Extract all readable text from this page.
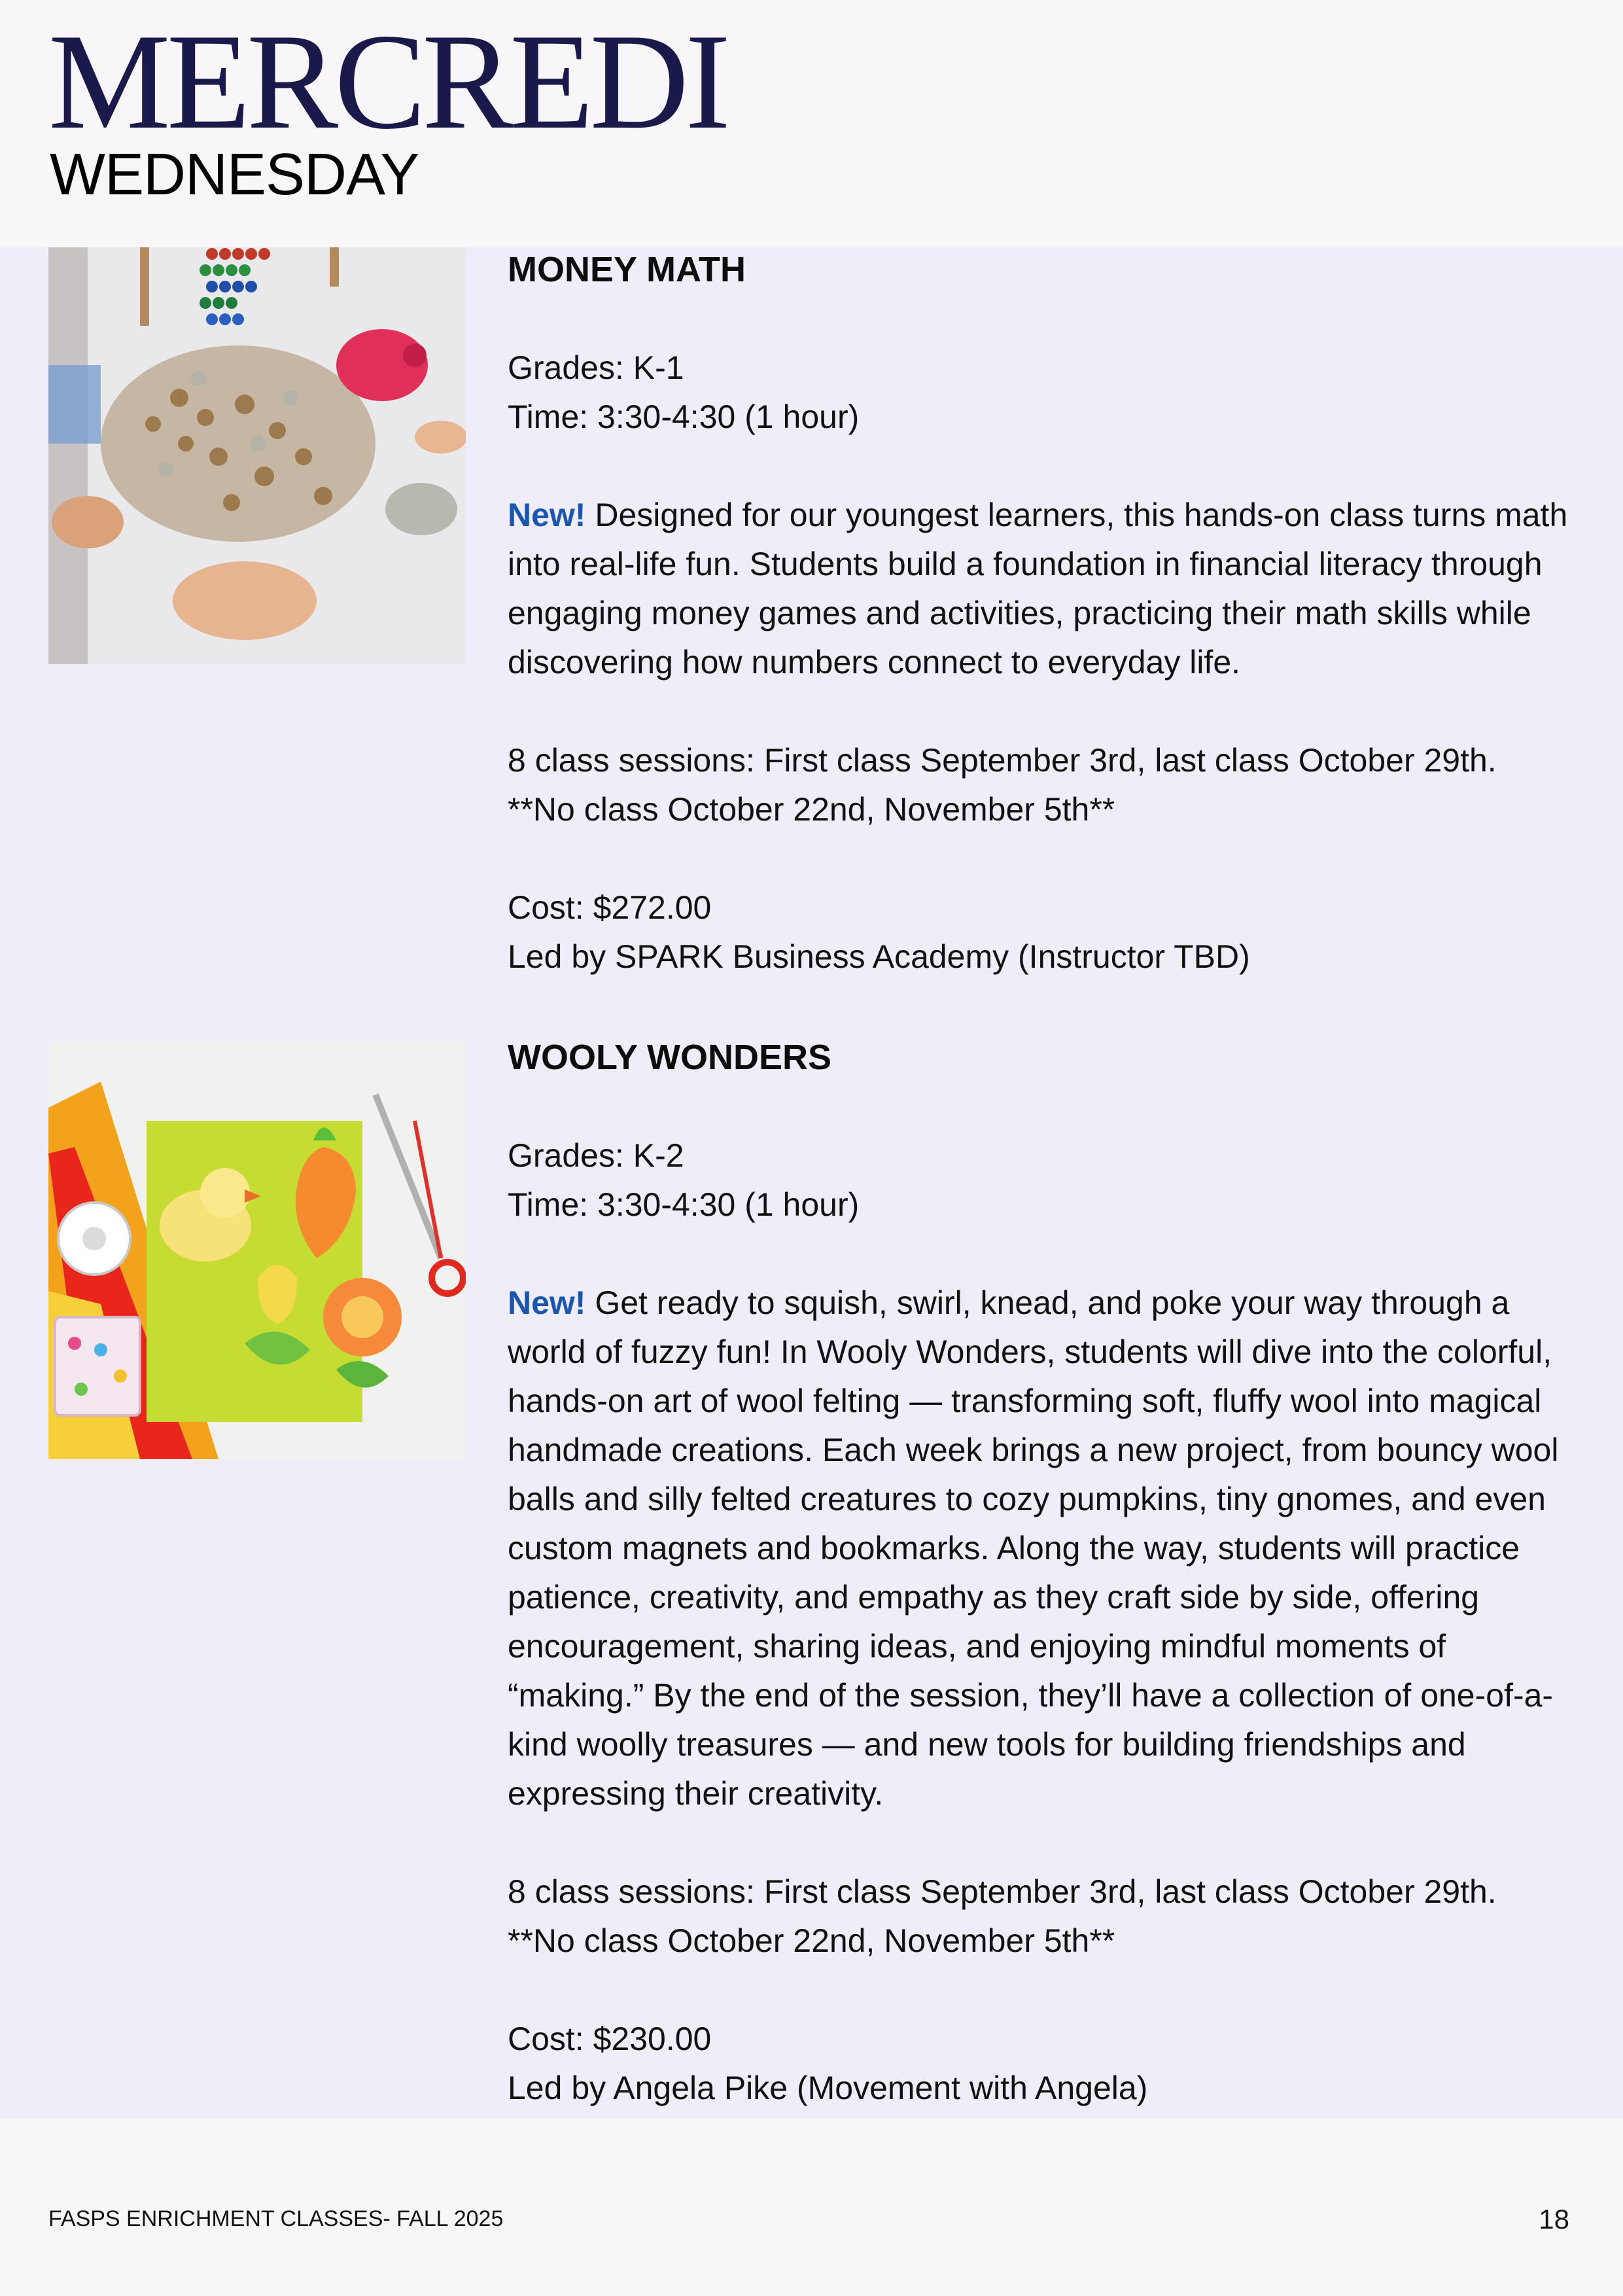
MERCREDI
WEDNESDAY

MONEY MATH

Grades: K-1

Time: 3:30-4:30 (1 hour)

New! Designed for our youngest learners, this hands-on class turns math into real-life fun. Students build a foundation in financial literacy through engaging money games and activities, practicing their math skills while discovering how numbers connect to everyday life.

8 class sessions: First class September 3rd, last class October 29th.

**No class October 22nd, November 5th**

Cost: $272.00

Led by SPARK Business Academy (Instructor TBD)

WOOLY WONDERS

Grades: K-2

Time: 3:30-4:30 (1 hour)

New! Get ready to squish, swirl, knead, and poke your way through a world of fuzzy fun! In Wooly Wonders, students will dive into the colorful, hands-on art of wool felting — transforming soft, fluffy wool into magical handmade creations. Each week brings a new project, from bouncy wool balls and silly felted creatures to cozy pumpkins, tiny gnomes, and even custom magnets and bookmarks. Along the way, students will practice patience, creativity, and empathy as they craft side by side, offering encouragement, sharing ideas, and enjoying mindful moments of “making.” By the end of the session, they’ll have a collection of one-of-a-kind woolly treasures — and new tools for building friendships and expressing their creativity.

8 class sessions: First class September 3rd, last class October 29th.

**No class October 22nd, November 5th**

Cost: $230.00

Led by Angela Pike (Movement with Angela)

FASPS ENRICHMENT CLASSES- FALL 2025	18
